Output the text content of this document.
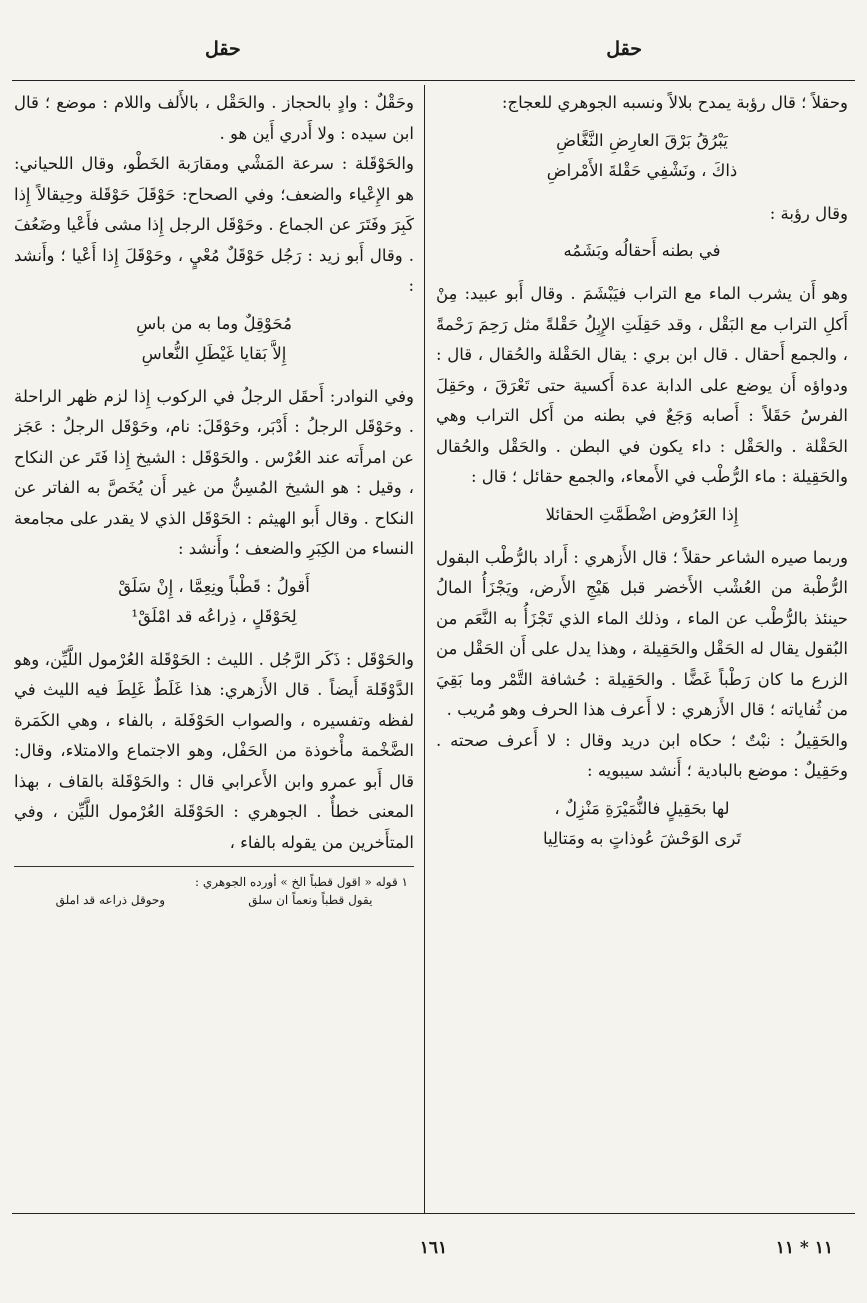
حقل
حقل

وحقلاً ؛ قال رؤبة يمدح بلالاً ونسبه الجوهري للعجاج:

يَبْرُقُ بَرْقَ العارِضِ النَّغَّاضِ
ذاكَ ، ونَشْفِي حَقْلةَ الأَمْراضِ

وقال رؤبة :

في بطنه أَحقالُه وبَشَمُه

وهو أَن يشرب الماء مع التراب فيَبْشَمَ . وقال أَبو عبيد: مِنْ أَكلِ التراب مع البَقْل ، وقد حَقِلَتِ الإِبِلُ حَقْلةً مثل رَحِمَ رَحْمةً ، والجمع أَحقال . قال ابن بري : يقال الحَقْلة والحُقال ، قال : ودواؤه أَن يوضع على الدابة عدة أَكسية حتى تَعْرَقَ ، وحَقِلَ الفرسُ حَقَلاً : أَصابه وَجَعٌ في بطنه من أَكل التراب وهي الحَقْلة . والحَقْل : داء يكون في البطن . والحَقْل والحُقال والحَقِيلة : ماء الرُّطْب في الأَمعاء، والجمع حقائل ؛ قال :

إِذا العَرُوض اضْطَمَّتِ الحقائلا

وربما صيره الشاعر حقلاً ؛ قال الأَزهري : أَراد بالرُّطْب البقول الرُّطْبة من العُشْب الأَخضر قبل هَيْجِ الأَرض، ويَجْزَأُ المالُ حينئذ بالرُّطْب عن الماء ، وذلك الماء الذي تَجْزَأُ به النَّعَم من البُقول يقال له الحَقْل والحَقِيلة ، وهذا يدل على أَن الحَقْل من الزرع ما كان رَطْباً غَضًّا . والحَقِيلة : حُشافة التَّمْر وما بَقِيَ من ثُفاياته ؛ قال الأَزهري : لا أَعرف هذا الحرف وهو مُريب .

والحَقِيلُ : نبْتٌ ؛ حكاه ابن دريد وقال : لا أَعرف صحته . وحَقِيلٌ : موضع بالبادية ؛ أَنشد سيبويه :

لها بحَقِيلٍ فالنُّمَيْرَةِ مَنْزِلٌ ،
تَرى الوَحْشَ عُوذاتٍ به ومَتالِيا

وحَقْلٌ : وادٍ بالحجاز . والحَقْل ، بالأَلف واللام : موضع ؛ قال ابن سيده : ولا أَدري أَين هو .

والحَوْقَلة : سرعة المَشْي ومقارَبة الخَطْو، وقال اللحياني: هو الإِعْياء والضعف؛ وفي الصحاح: حَوْقَلَ حَوْقَلة وحِيقالاً إِذا كَبِرَ وفَتَرَ عن الجماع . وحَوْقَل الرجل إِذا مشى فأَعْيا وضَعُفَ . وقال أَبو زيد : رَجُل حَوْقَلٌ مُعْيٍ ، وحَوْقَلَ إِذا أَعْيا ؛ وأَنشد :

مُحَوْقِلٌ وما به من باسِ
إِلاَّ بَقايا غَيْطَلِ النُّعاسِ

وفي النوادر: أَحقَل الرجلُ في الركوب إِذا لزم ظهر الراحلة . وحَوْقَل الرجلُ : أَدْبَر، وحَوْقَلَ: نام، وحَوْقَل الرجلُ : عَجَز عن امرأَته عند العُرْس . والحَوْقَل : الشيخ إِذا فَتَر عن النكاح ، وقيل : هو الشيخ المُسِنُّ من غير أَن يُخَصَّ به الفاتر عن النكاح . وقال أَبو الهيثم : الحَوْقَل الذي لا يقدر على مجامعة النساء من الكِبَرِ والضعف ؛ وأَنشد :

أَقولُ : قَطْباً ونِعِمَّا ، إِنْ سَلَقْ
لِحَوْقَلٍ ، ذِراعُه قد امْلَقْ¹

والحَوْقَل : ذَكَر الرَّجُل . الليث : الحَوْقَلة العُرْمول اللَّيِّن، وهو الدَّوْقَلة أَيضاً . قال الأَزهري: هذا غَلَطٌ غَلِطَ فيه الليث في لفظه وتفسيره ، والصواب الحَوْفَلة ، بالفاء ، وهي الكَمَرة الضَّخْمة مأْخوذة من الحَفْل، وهو الاجتماع والامتلاء، وقال: قال أَبو عمرو وابن الأَعرابي قال : والحَوْقَلة بالقاف ، بهذا المعنى خطأٌ . الجوهري : الحَوْقَلة العُرْمول اللَّيِّن ، وفي المتأَخرين من يقوله بالفاء ،

١ قوله « اقول قطباً الخ » أورده الجوهري :

يقول قطباً ونعماً ان سلق
وحوقل ذراعه قد املق

١٦١	١١ * ١١
